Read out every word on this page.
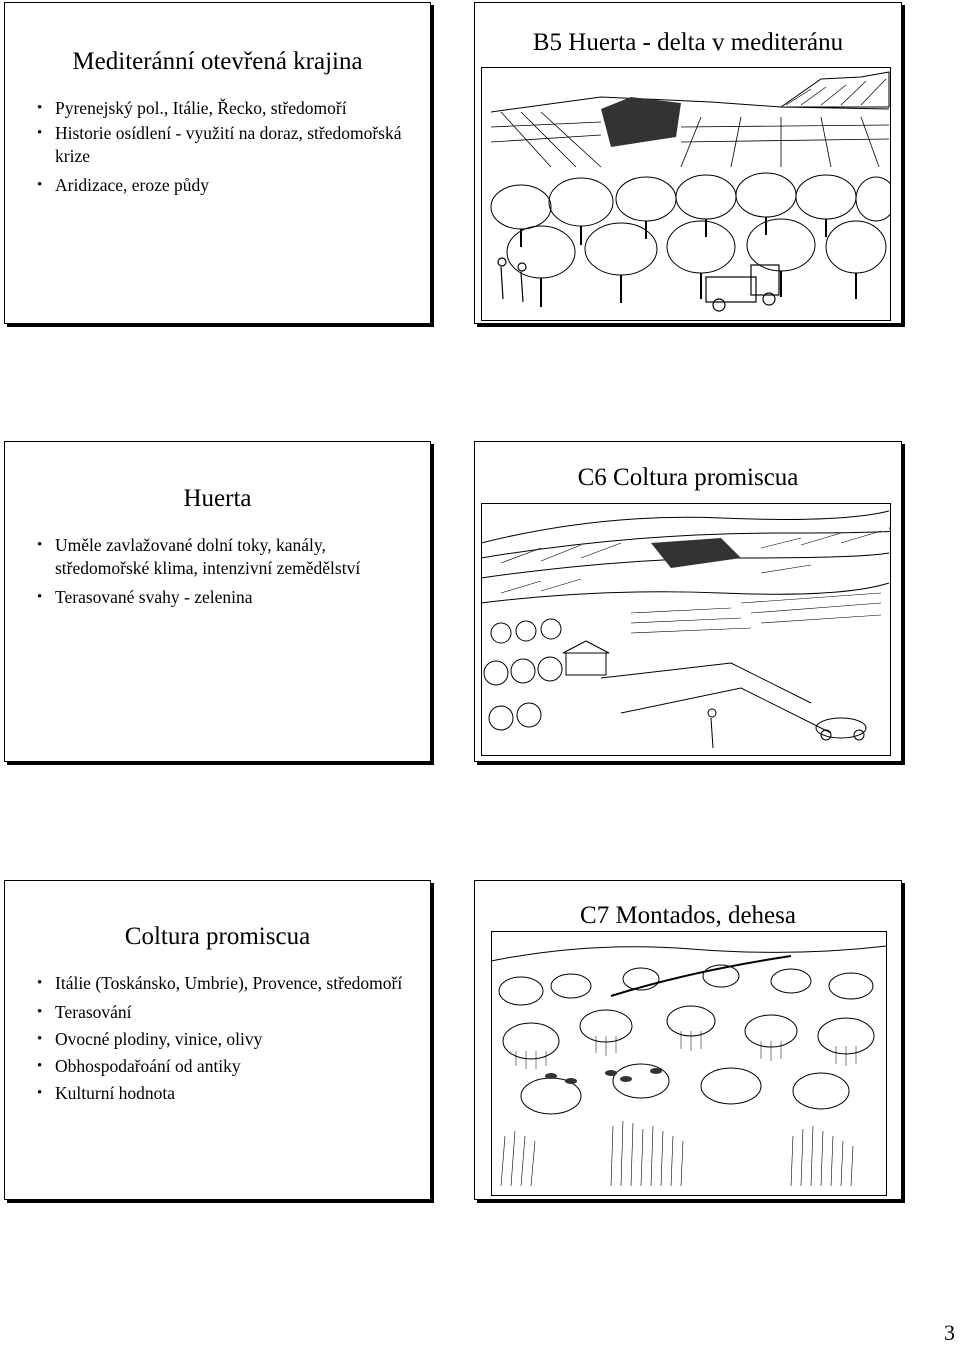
Mediteránní otevřená krajina
• Pyrenejský pol., Itálie, Řecko, středomoří
• Historie osídlení - využití na doraz, středomořská krize
• Aridizace, eroze půdy
B5 Huerta - delta v mediteránu
Huerta
• Uměle zavlažované dolní toky, kanály, středomořské klima, intenzivní zemědělství
• Terasované svahy - zelenina
C6 Coltura promiscua
Coltura promiscua
• Itálie (Toskánsko, Umbrie), Provence, středomoří
• Terasování
• Ovocné plodiny, vinice, olivy
• Obhospodařoání od antiky
• Kulturní hodnota
C7 Montados, dehesa
3
